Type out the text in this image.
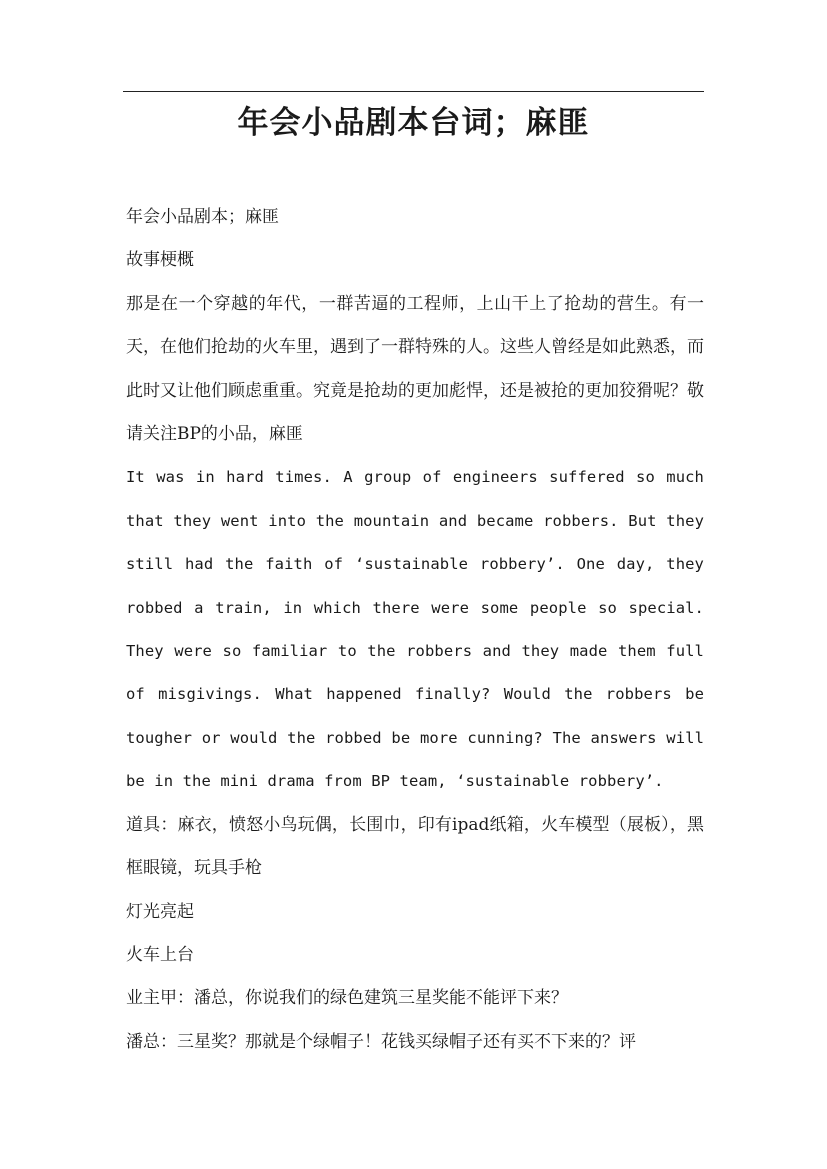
年会小品剧本台词；麻匪

年会小品剧本；麻匪

故事梗概

那是在一个穿越的年代，一群苦逼的工程师，上山干上了抢劫的营生。有一天，在他们抢劫的火车里，遇到了一群特殊的人。这些人曾经是如此熟悉，而此时又让他们顾虑重重。究竟是抢劫的更加彪悍，还是被抢的更加狡猾呢？敬请关注BP的小品，麻匪

It was in hard times. A group of engineers suffered so much that they went into the mountain and became robbers. But they still had the faith of ‘sustainable robbery’. One day, they robbed a train, in which there were some people so special. They were so familiar to the robbers and they made them full of misgivings. What happened finally? Would the robbers be tougher or would the robbed be more cunning? The answers will be in the mini drama from BP team, ‘sustainable robbery’.

道具：麻衣，愤怒小鸟玩偶，长围巾，印有ipad纸箱，火车模型（展板），黑框眼镜，玩具手枪

灯光亮起

火车上台

业主甲：潘总，你说我们的绿色建筑三星奖能不能评下来？

潘总：三星奖？那就是个绿帽子！花钱买绿帽子还有买不下来的？评
